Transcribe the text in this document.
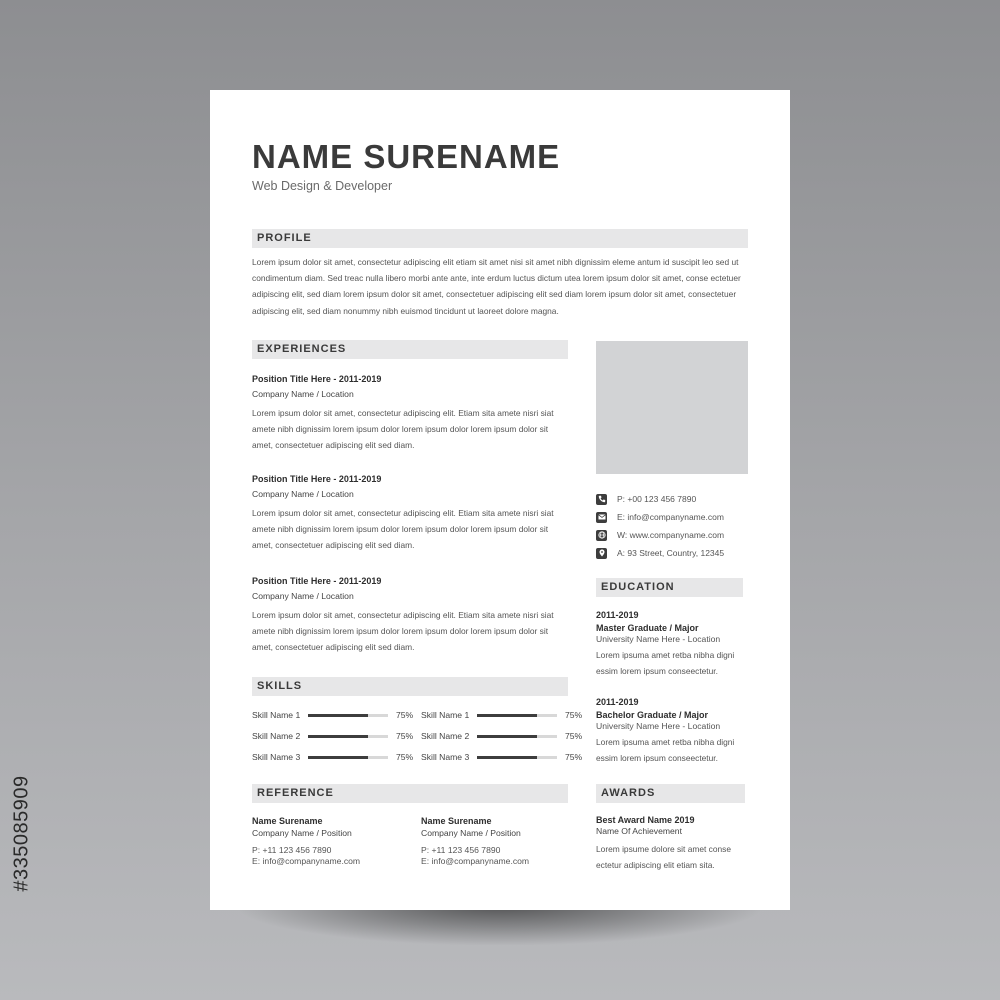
#335085909
NAME SURENAME
Web Design & Developer
PROFILE
Lorem ipsum dolor sit amet, consectetur adipiscing elit etiam sit amet nisi sit amet nibh dignissim eleme antum id suscipit leo sed ut
condimentum diam. Sed treac nulla libero morbi ante ante, inte erdum luctus dictum utea lorem ipsum dolor sit amet, conse ectetuer
adipiscing elit, sed diam lorem ipsum dolor sit amet, consectetuer adipiscing elit sed diam lorem ipsum dolor sit amet, consectetuer
adipiscing elit, sed diam nonummy nibh euismod tincidunt ut laoreet dolore magna.
EXPERIENCES
Position Title Here - 2011-2019
Company Name / Location
Lorem ipsum dolor sit amet, consectetur adipiscing elit. Etiam sita amete nisri siat
amete nibh dignissim lorem ipsum dolor lorem ipsum dolor lorem ipsum dolor sit
amet, consectetuer adipiscing elit sed diam.
Position Title Here - 2011-2019
Company Name / Location
Lorem ipsum dolor sit amet, consectetur adipiscing elit. Etiam sita amete nisri siat
amete nibh dignissim lorem ipsum dolor lorem ipsum dolor lorem ipsum dolor sit
amet, consectetuer adipiscing elit sed diam.
Position Title Here - 2011-2019
Company Name / Location
Lorem ipsum dolor sit amet, consectetur adipiscing elit. Etiam sita amete nisri siat
amete nibh dignissim lorem ipsum dolor lorem ipsum dolor lorem ipsum dolor sit
amet, consectetuer adipiscing elit sed diam.
SKILLS
Skill Name 1	75%
Skill Name 2	75%
Skill Name 3	75%
Skill Name 1	75%
Skill Name 2	75%
Skill Name 3	75%
REFERENCE
Name Surename
Company Name / Position
P: +11 123 456 7890
E: info@companyname.com
Name Surename
Company Name / Position
P: +11 123 456 7890
E: info@companyname.com
P: +00 123 456 7890
E: info@companyname.com
W: www.companyname.com
A: 93 Street, Country, 12345
EDUCATION
2011-2019
Master Graduate / Major
University Name Here - Location
Lorem ipsuma amet retba nibha digni
essim lorem ipsum conseectetur.
2011-2019
Bachelor Graduate / Major
University Name Here - Location
Lorem ipsuma amet retba nibha digni
essim lorem ipsum conseectetur.
AWARDS
Best Award Name 2019
Name Of Achievement
Lorem ipsume dolore sit amet conse
ectetur adipiscing elit etiam sita.
